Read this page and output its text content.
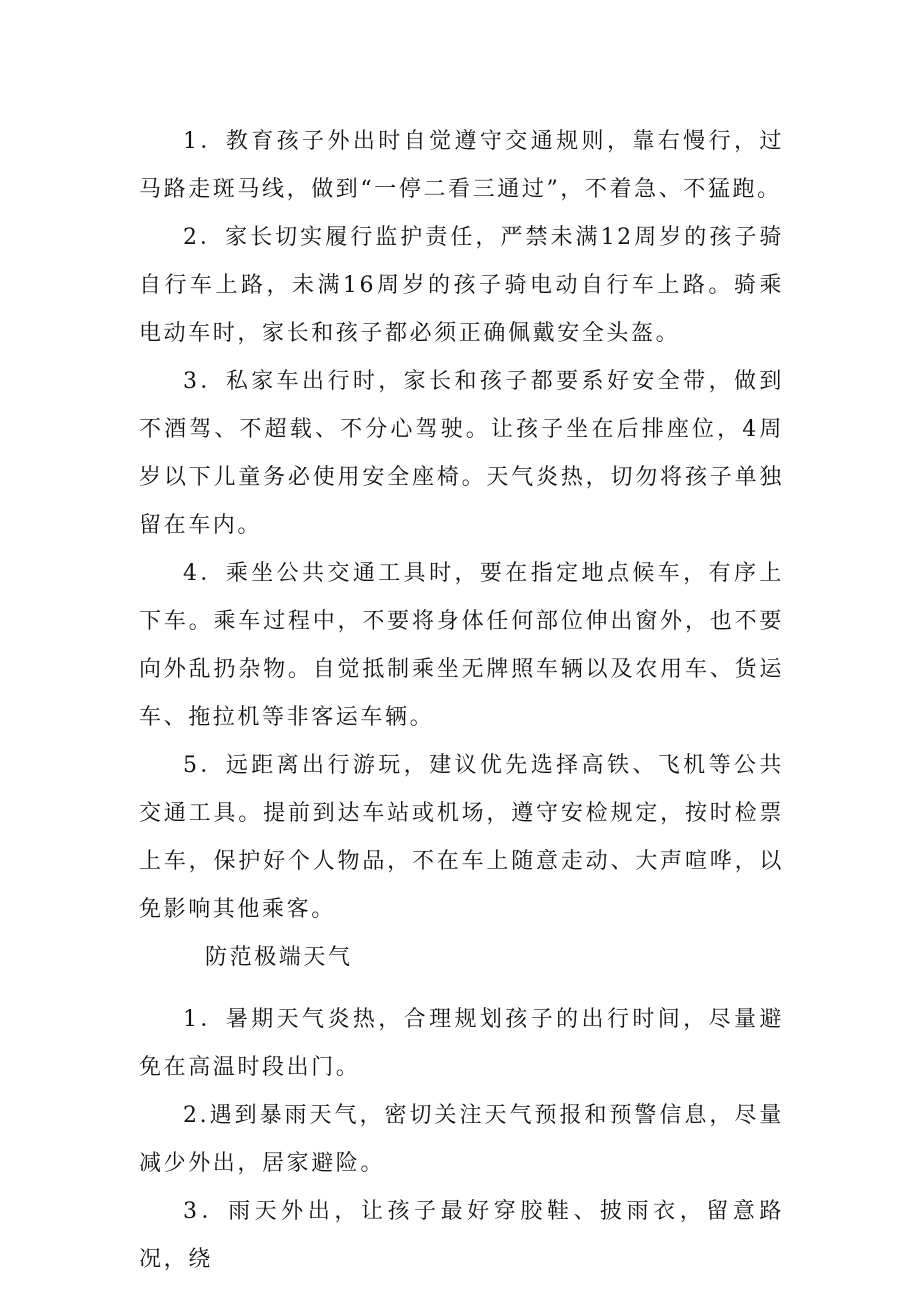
1．教育孩子外出时自觉遵守交通规则，靠右慢行，过马路走斑马线，做到“一停二看三通过”，不着急、不猛跑。

2．家长切实履行监护责任，严禁未满12周岁的孩子骑自行车上路，未满16周岁的孩子骑电动自行车上路。骑乘电动车时，家长和孩子都必须正确佩戴安全头盔。

3．私家车出行时，家长和孩子都要系好安全带，做到不酒驾、不超载、不分心驾驶。让孩子坐在后排座位，4周岁以下儿童务必使用安全座椅。天气炎热，切勿将孩子单独留在车内。

4．乘坐公共交通工具时，要在指定地点候车，有序上下车。乘车过程中，不要将身体任何部位伸出窗外，也不要向外乱扔杂物。自觉抵制乘坐无牌照车辆以及农用车、货运车、拖拉机等非客运车辆。

5．远距离出行游玩，建议优先选择高铁、飞机等公共交通工具。提前到达车站或机场，遵守安检规定，按时检票上车，保护好个人物品，不在车上随意走动、大声喧哗，以免影响其他乘客。

防范极端天气

1．暑期天气炎热，合理规划孩子的出行时间，尽量避免在高温时段出门。

2.遇到暴雨天气，密切关注天气预报和预警信息，尽量减少外出，居家避险。

3．雨天外出，让孩子最好穿胶鞋、披雨衣，留意路况，绕
